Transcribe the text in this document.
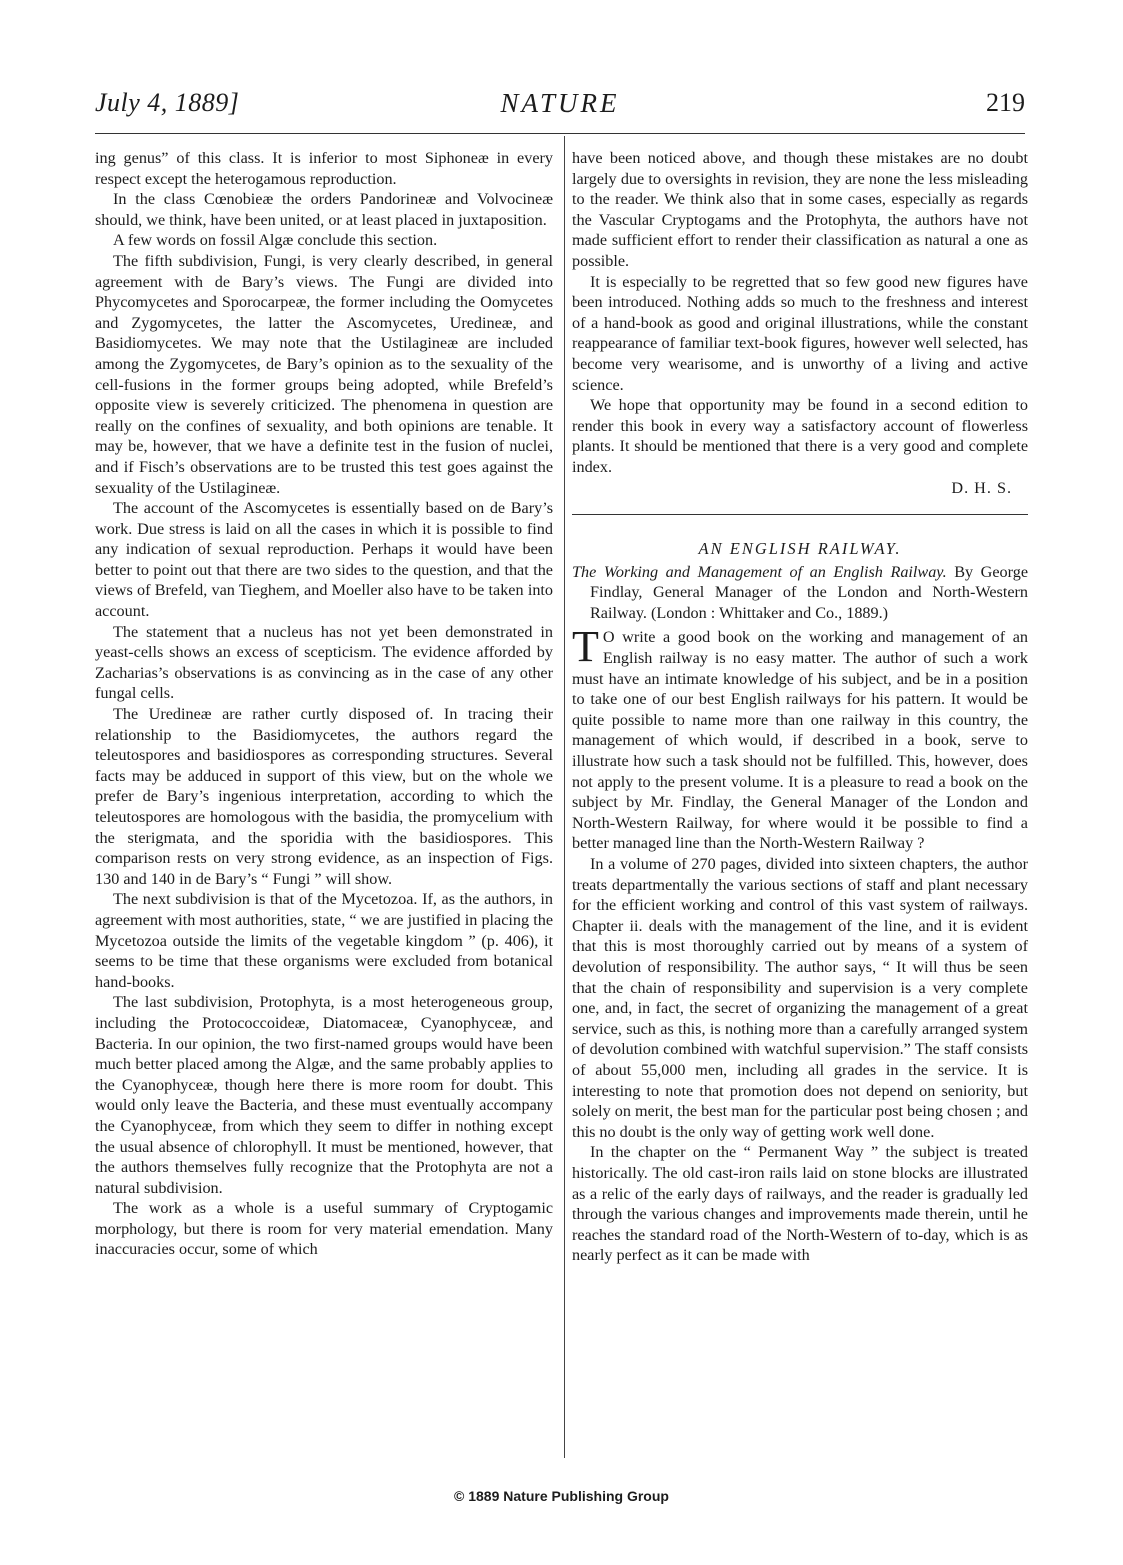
July 4, 1889]	NATURE	219

ing genus” of this class. It is inferior to most Siphoneæ in every respect except the heterogamous reproduction.

In the class Cœnobieæ the orders Pandorineæ and Volvocineæ should, we think, have been united, or at least placed in juxtaposition.

A few words on fossil Algæ conclude this section.

The fifth subdivision, Fungi, is very clearly described, in general agreement with de Bary’s views. The Fungi are divided into Phycomycetes and Sporocarpeæ, the former including the Oomycetes and Zygomycetes, the latter the Ascomycetes, Uredineæ, and Basidiomycetes. We may note that the Ustilagineæ are included among the Zygomycetes, de Bary’s opinion as to the sexuality of the cell-fusions in the former groups being adopted, while Brefeld’s opposite view is severely criticized. The phenomena in question are really on the confines of sexuality, and both opinions are tenable. It may be, however, that we have a definite test in the fusion of nuclei, and if Fisch’s observations are to be trusted this test goes against the sexuality of the Ustilagineæ.

The account of the Ascomycetes is essentially based on de Bary’s work. Due stress is laid on all the cases in which it is possible to find any indication of sexual reproduction. Perhaps it would have been better to point out that there are two sides to the question, and that the views of Brefeld, van Tieghem, and Moeller also have to be taken into account.

The statement that a nucleus has not yet been demonstrated in yeast-cells shows an excess of scepticism. The evidence afforded by Zacharias’s observations is as convincing as in the case of any other fungal cells.

The Uredineæ are rather curtly disposed of. In tracing their relationship to the Basidiomycetes, the authors regard the teleutospores and basidiospores as corresponding structures. Several facts may be adduced in support of this view, but on the whole we prefer de Bary’s ingenious interpretation, according to which the teleutospores are homologous with the basidia, the promycelium with the sterigmata, and the sporidia with the basidiospores. This comparison rests on very strong evidence, as an inspection of Figs. 130 and 140 in de Bary’s “ Fungi ” will show.

The next subdivision is that of the Mycetozoa. If, as the authors, in agreement with most authorities, state, “ we are justified in placing the Mycetozoa outside the limits of the vegetable kingdom ” (p. 406), it seems to be time that these organisms were excluded from botanical hand-books.

The last subdivision, Protophyta, is a most heterogeneous group, including the Protococcoideæ, Diatomaceæ, Cyanophyceæ, and Bacteria. In our opinion, the two first-named groups would have been much better placed among the Algæ, and the same probably applies to the Cyanophyceæ, though here there is more room for doubt. This would only leave the Bacteria, and these must eventually accompany the Cyanophyceæ, from which they seem to differ in nothing except the usual absence of chlorophyll. It must be mentioned, however, that the authors themselves fully recognize that the Protophyta are not a natural subdivision.

The work as a whole is a useful summary of Cryptogamic morphology, but there is room for very material emendation. Many inaccuracies occur, some of which

have been noticed above, and though these mistakes are no doubt largely due to oversights in revision, they are none the less misleading to the reader. We think also that in some cases, especially as regards the Vascular Cryptogams and the Protophyta, the authors have not made sufficient effort to render their classification as natural a one as possible.

It is especially to be regretted that so few good new figures have been introduced. Nothing adds so much to the freshness and interest of a hand-book as good and original illustrations, while the constant reappearance of familiar text-book figures, however well selected, has become very wearisome, and is unworthy of a living and active science.

We hope that opportunity may be found in a second edition to render this book in every way a satisfactory account of flowerless plants. It should be mentioned that there is a very good and complete index.

D. H. S.
AN ENGLISH RAILWAY.

The Working and Management of an English Railway. By George Findlay, General Manager of the London and North-Western Railway. (London : Whittaker and Co., 1889.)

T O write a good book on the working and management of an English railway is no easy matter. The author of such a work must have an intimate knowledge of his subject, and be in a position to take one of our best English railways for his pattern. It would be quite possible to name more than one railway in this country, the management of which would, if described in a book, serve to illustrate how such a task should not be fulfilled. This, however, does not apply to the present volume. It is a pleasure to read a book on the subject by Mr. Findlay, the General Manager of the London and North-Western Railway, for where would it be possible to find a better managed line than the North-Western Railway ?

In a volume of 270 pages, divided into sixteen chapters, the author treats departmentally the various sections of staff and plant necessary for the efficient working and control of this vast system of railways. Chapter ii. deals with the management of the line, and it is evident that this is most thoroughly carried out by means of a system of devolution of responsibility. The author says, “ It will thus be seen that the chain of responsibility and supervision is a very complete one, and, in fact, the secret of organizing the management of a great service, such as this, is nothing more than a carefully arranged system of devolution combined with watchful supervision.” The staff consists of about 55,000 men, including all grades in the service. It is interesting to note that promotion does not depend on seniority, but solely on merit, the best man for the particular post being chosen ; and this no doubt is the only way of getting work well done.

In the chapter on the “ Permanent Way ” the subject is treated historically. The old cast-iron rails laid on stone blocks are illustrated as a relic of the early days of railways, and the reader is gradually led through the various changes and improvements made therein, until he reaches the standard road of the North-Western of to-day, which is as nearly perfect as it can be made with

© 1889 Nature Publishing Group
